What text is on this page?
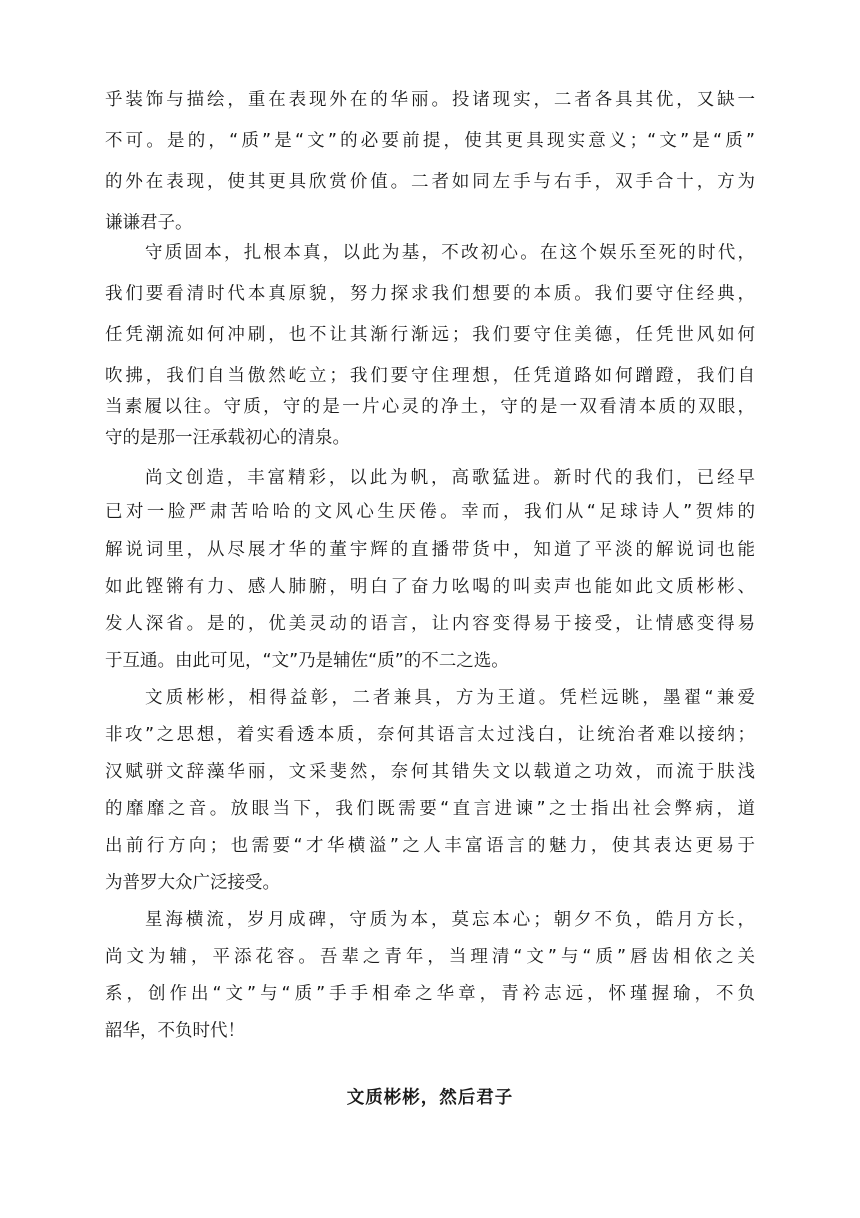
乎装饰与描绘，重在表现外在的华丽。投诸现实，二者各具其优，又缺一
不可。是的，“质”是“文”的必要前提，使其更具现实意义；“文”是“质”
的外在表现，使其更具欣赏价值。二者如同左手与右手，双手合十，方为
谦谦君子。
守质固本，扎根本真，以此为基，不改初心。在这个娱乐至死的时代，
我们要看清时代本真原貌，努力探求我们想要的本质。我们要守住经典，
任凭潮流如何冲刷，也不让其渐行渐远；我们要守住美德，任凭世风如何
吹拂，我们自当傲然屹立；我们要守住理想，任凭道路如何蹭蹬，我们自
当素履以往。守质，守的是一片心灵的净土，守的是一双看清本质的双眼，
守的是那一汪承载初心的清泉。
尚文创造，丰富精彩，以此为帆，高歌猛进。新时代的我们，已经早
已对一脸严肃苦哈哈的文风心生厌倦。幸而，我们从“足球诗人”贺炜的
解说词里，从尽展才华的董宇辉的直播带货中，知道了平淡的解说词也能
如此铿锵有力、感人肺腑，明白了奋力吆喝的叫卖声也能如此文质彬彬、
发人深省。是的，优美灵动的语言，让内容变得易于接受，让情感变得易
于互通。由此可见，“文”乃是辅佐“质”的不二之选。
文质彬彬，相得益彰，二者兼具，方为王道。凭栏远眺，墨翟“兼爱
非攻”之思想，着实看透本质，奈何其语言太过浅白，让统治者难以接纳；
汉赋骈文辞藻华丽，文采斐然，奈何其错失文以载道之功效，而流于肤浅
的靡靡之音。放眼当下，我们既需要“直言进谏”之士指出社会弊病，道
出前行方向；也需要“才华横溢”之人丰富语言的魅力，使其表达更易于
为普罗大众广泛接受。
星海横流，岁月成碑，守质为本，莫忘本心；朝夕不负，皓月方长，
尚文为辅，平添花容。吾辈之青年，当理清“文”与“质”唇齿相依之关
系，创作出“文”与“质”手手相牵之华章，青衿志远，怀瑾握瑜，不负
韶华，不负时代！
文质彬彬，然后君子
